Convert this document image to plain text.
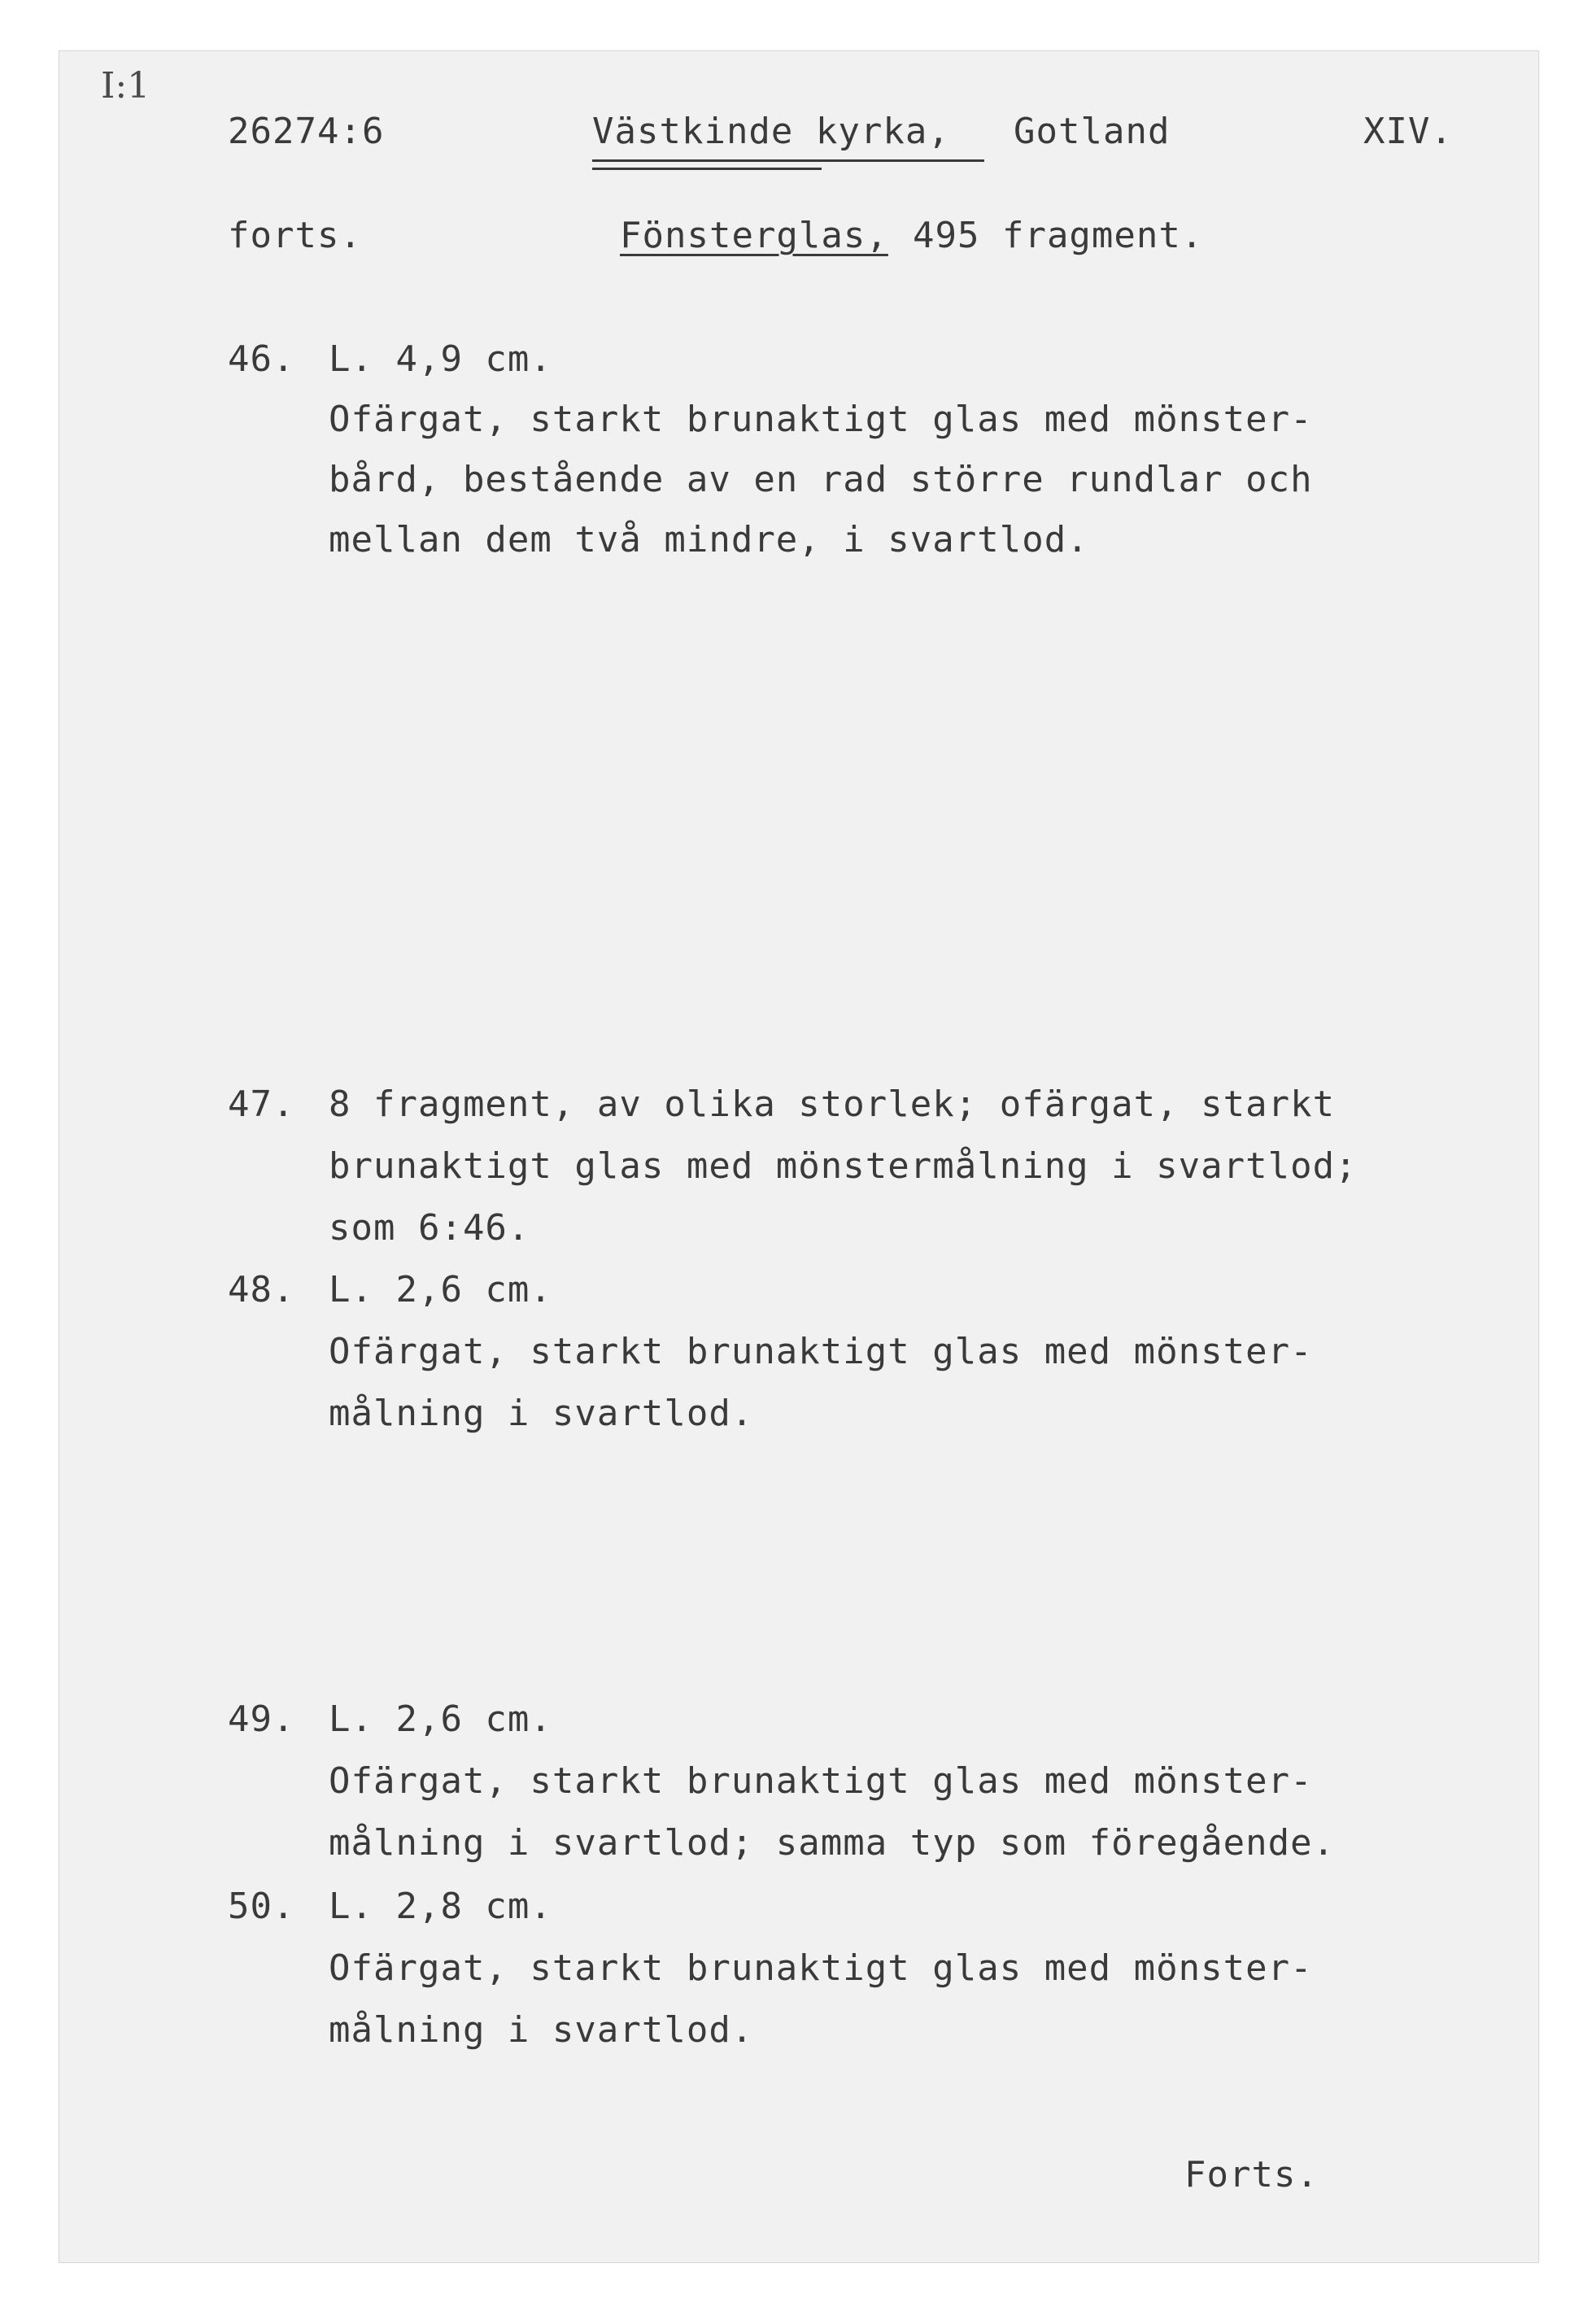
I:1
26274:6	Västkinde kyrka, Gotland	XIV.
forts.	Fönsterglas, 495 fragment.
46. L. 4,9 cm.
Ofärgat, starkt brunaktigt glas med mönster-
bård, bestående av en rad större rundlar och
mellan dem två mindre, i svartlod.
47. 8 fragment, av olika storlek; ofärgat, starkt
brunaktigt glas med mönstermålning i svartlod;
som 6:46.
48. L. 2,6 cm.
Ofärgat, starkt brunaktigt glas med mönster-
målning i svartlod.
49. L. 2,6 cm.
Ofärgat, starkt brunaktigt glas med mönster-
målning i svartlod; samma typ som föregående.
50. L. 2,8 cm.
Ofärgat, starkt brunaktigt glas med mönster-
målning i svartlod.
Forts.
